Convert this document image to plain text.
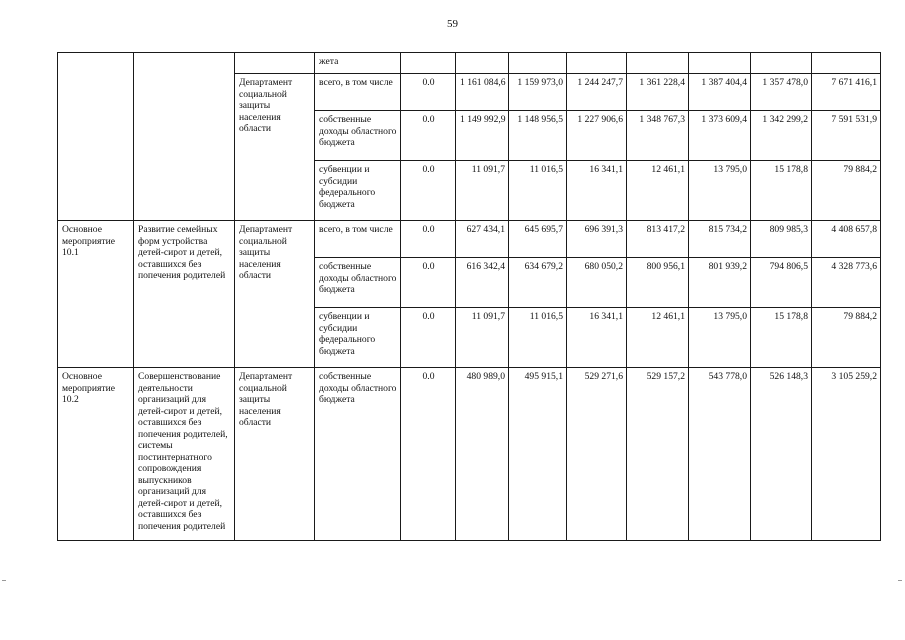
59
			жета								
		Департамент социальной защиты населения области	всего, в том числе	0.0	1 161 084,6	1 159 973,0	1 244 247,7	1 361 228,4	1 387 404,4	1 357 478,0	7 671 416,1
			собственные доходы областного бюджета	0.0	1 149 992,9	1 148 956,5	1 227 906,6	1 348 767,3	1 373 609,4	1 342 299,2	7 591 531,9
			субвенции и субсидии федерального бюджета	0.0	11 091,7	11 016,5	16 341,1	12 461,1	13 795,0	15 178,8	79 884,2
Основное мероприятие 10.1	Развитие семейных форм устройства детей-сирот и детей, оставшихся без попечения родителей	Департамент социальной защиты населения области	всего, в том числе	0.0	627 434,1	645 695,7	696 391,3	813 417,2	815 734,2	809 985,3	4 408 657,8
			собственные доходы областного бюджета	0.0	616 342,4	634 679,2	680 050,2	800 956,1	801 939,2	794 806,5	4 328 773,6
			субвенции и субсидии федерального бюджета	0.0	11 091,7	11 016,5	16 341,1	12 461,1	13 795,0	15 178,8	79 884,2
Основное мероприятие 10.2	Совершенствование деятельности организаций для детей-сирот и детей, оставшихся без попечения родителей, системы постинтернатного сопровождения выпускников организаций для детей-сирот и детей, оставшихся без попечения родителей	Департамент социальной защиты населения области	собственные доходы областного бюджета	0.0	480 989,0	495 915,1	529 271,6	529 157,2	543 778,0	526 148,3	3 105 259,2
